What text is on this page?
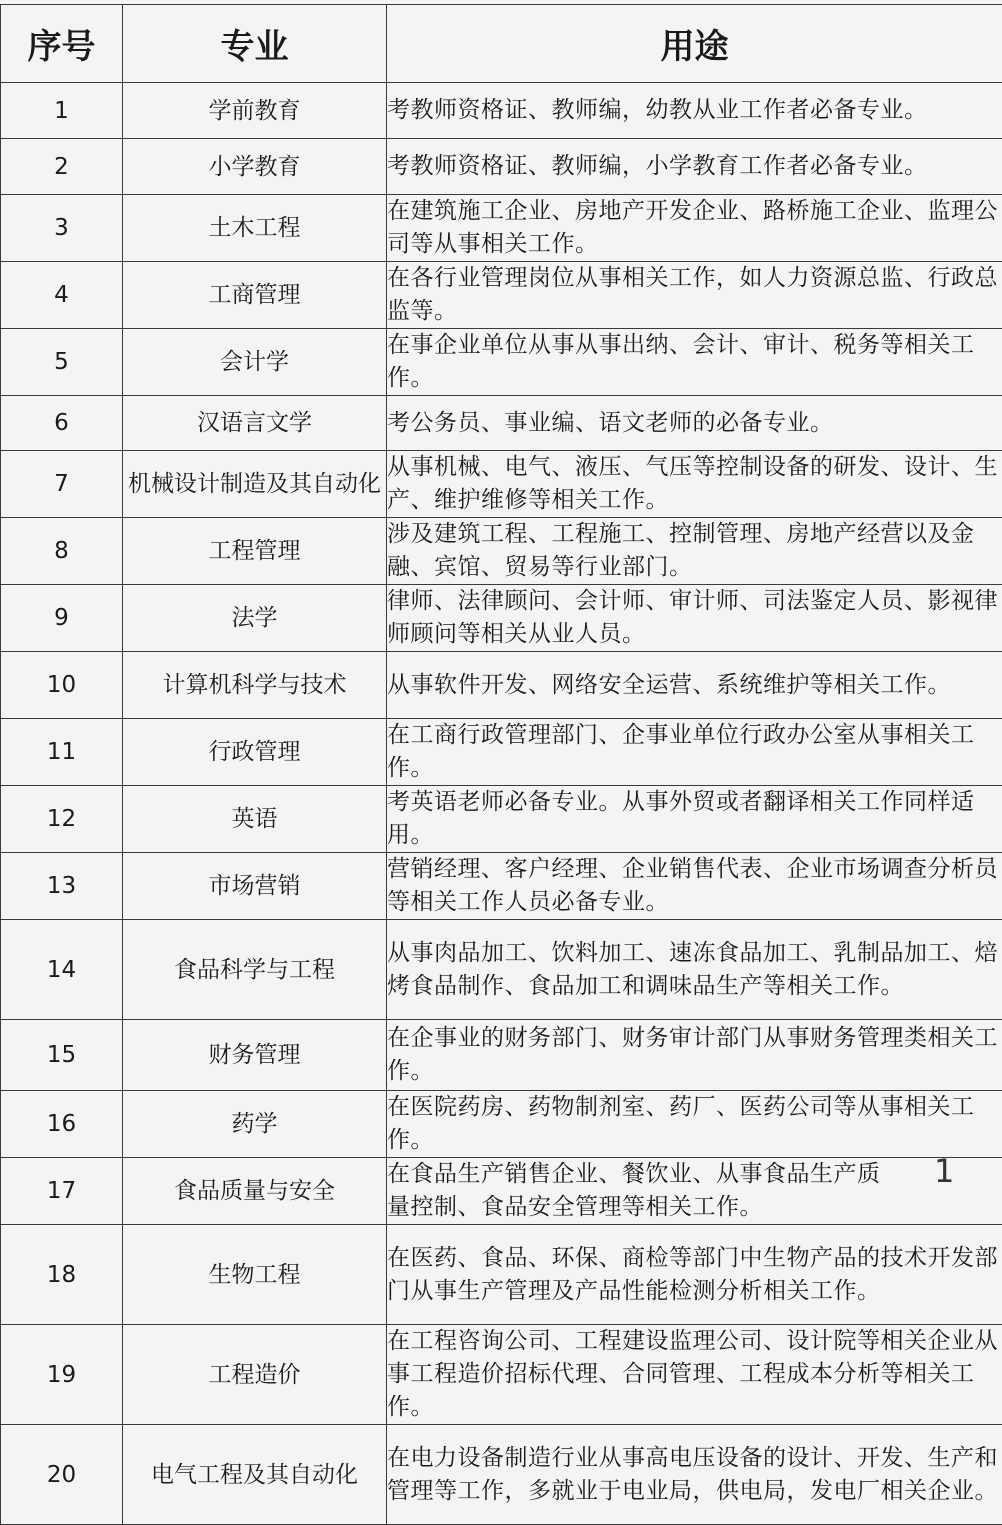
序号	专业	用途
1	学前教育	考教师资格证、教师编，幼教从业工作者必备专业。
2	小学教育	考教师资格证、教师编，小学教育工作者必备专业。
3	土木工程	在建筑施工企业、房地产开发企业、路桥施工企业、监理公司等从事相关工作。
4	工商管理	在各行业管理岗位从事相关工作，如人力资源总监、行政总监等。
5	会计学	在事企业单位从事从事出纳、会计、审计、税务等相关工作。
6	汉语言文学	考公务员、事业编、语文老师的必备专业。
7	机械设计制造及其自动化	从事机械、电气、液压、气压等控制设备的研发、设计、生产、维护维修等相关工作。
8	工程管理	涉及建筑工程、工程施工、控制管理、房地产经营以及金融、宾馆、贸易等行业部门。
9	法学	律师、法律顾问、会计师、审计师、司法鉴定人员、影视律师顾问等相关从业人员。
10	计算机科学与技术	从事软件开发、网络安全运营、系统维护等相关工作。
11	行政管理	在工商行政管理部门、企事业单位行政办公室从事相关工作。
12	英语	考英语老师必备专业。从事外贸或者翻译相关工作同样适用。
13	市场营销	营销经理、客户经理、企业销售代表、企业市场调查分析员等相关工作人员必备专业。
14	食品科学与工程	从事肉品加工、饮料加工、速冻食品加工、乳制品加工、焙烤食品制作、食品加工和调味品生产等相关工作。
15	财务管理	在企事业的财务部门、财务审计部门从事财务管理类相关工作。
16	药学	在医院药房、药物制剂室、药厂、医药公司等从事相关工作。
17	食品质量与安全	在食品生产销售企业、餐饮业、从事食品生产质量控制、食品安全管理等相关工作。
18	生物工程	在医药、食品、环保、商检等部门中生物产品的技术开发部门从事生产管理及产品性能检测分析相关工作。
19	工程造价	在工程咨询公司、工程建设监理公司、设计院等相关企业从事工程造价招标代理、合同管理、工程成本分析等相关工作。
20	电气工程及其自动化	在电力设备制造行业从事高电压设备的设计、开发、生产和管理等工作，多就业于电业局，供电局，发电厂相关企业。
1
